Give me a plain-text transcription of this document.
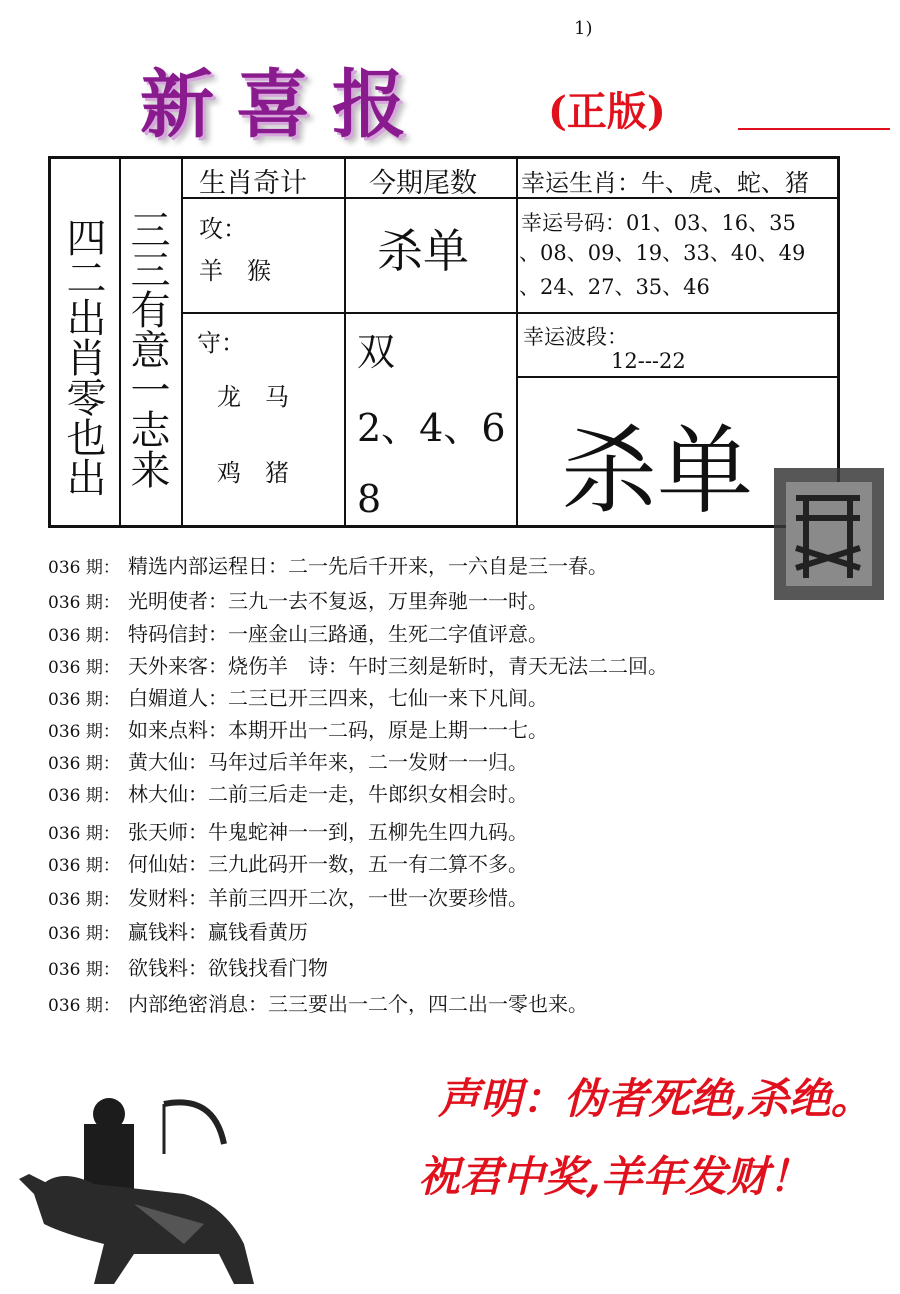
1)
新喜报	(正版)
四二出肖零也出 三三有意一志来
生肖奇计 今期尾数 幸运生肖：牛、虎、蛇、猪
攻：
羊　猴
守：
龙　马
鸡　猪
杀单
双
2、4、6
8
幸运号码：01、03、16、35
、08、09、19、33、40、49
、24、27、35、46
幸运波段：
12---22
杀单
036 期： 精选内部运程日：二一先后千开来，一六自是三一春。
036 期： 光明使者：三九一去不复返，万里奔驰一一时。
036 期： 特码信封：一座金山三路通，生死二字值评意。
036 期： 天外来客：烧伤羊　诗：午时三刻是斩时，青天无法二二回。
036 期： 白媚道人：二三已开三四来，七仙一来下凡间。
036 期： 如来点料：本期开出一二码，原是上期一一七。
036 期： 黄大仙：马年过后羊年来，二一发财一一归。
036 期： 林大仙：二前三后走一走，牛郎织女相会时。
036 期： 张天师：牛鬼蛇神一一到，五柳先生四九码。
036 期： 何仙姑：三九此码开一数，五一有二算不多。
036 期： 发财料：羊前三四开二次，一世一次要珍惜。
036 期： 赢钱料：赢钱看黄历
036 期： 欲钱料：欲钱找看门物
036 期： 内部绝密消息：三三要出一二个，四二出一零也来。
声明：伪者死绝,杀绝。
祝君中奖,羊年发财！
